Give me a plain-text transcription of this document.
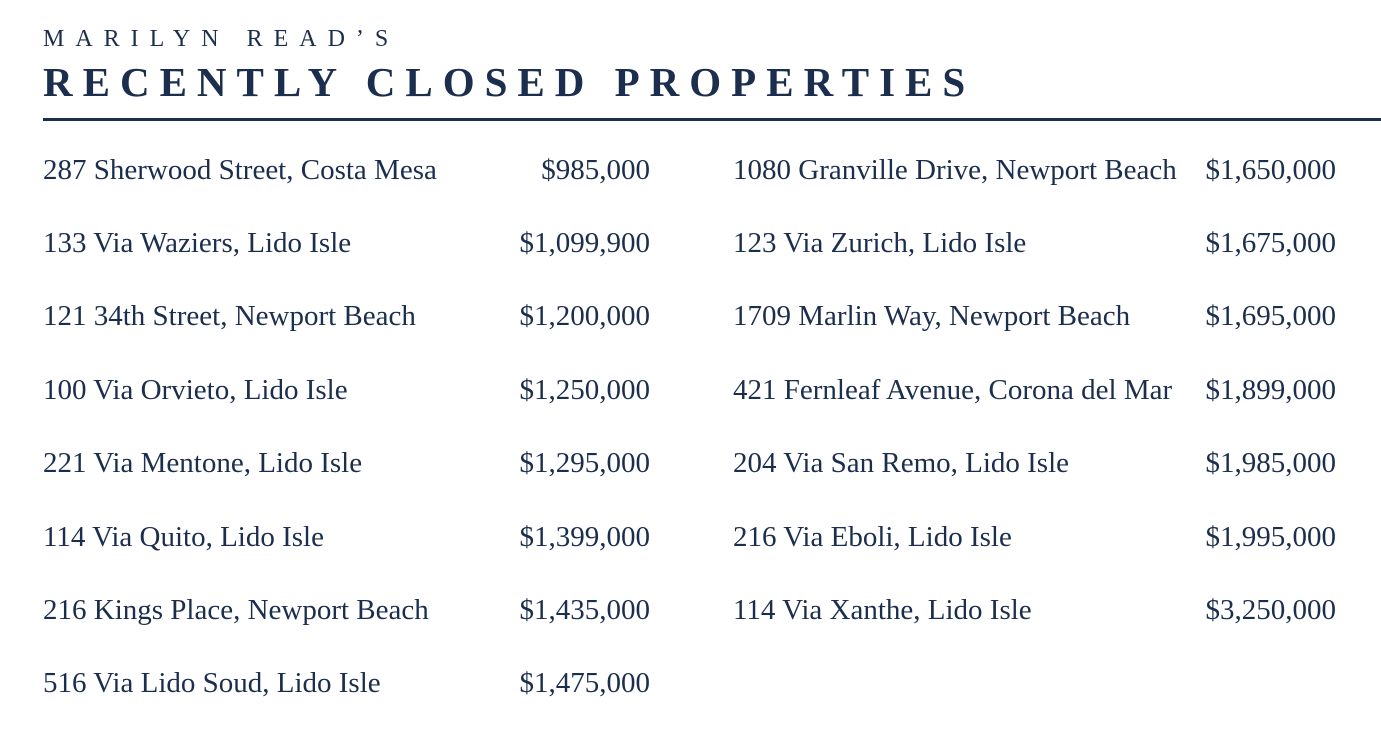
MARILYN READ’S
RECENTLY CLOSED PROPERTIES
287 Sherwood Street, Costa Mesa	$985,000
133 Via Waziers, Lido Isle	$1,099,900
121 34th Street, Newport Beach	$1,200,000
100 Via Orvieto, Lido Isle	$1,250,000
221 Via Mentone, Lido Isle	$1,295,000
114 Via Quito, Lido Isle	$1,399,000
216 Kings Place, Newport Beach	$1,435,000
516 Via Lido Soud, Lido Isle	$1,475,000
1080 Granville Drive, Newport Beach $1,650,000
123 Via Zurich, Lido Isle	$1,675,000
1709 Marlin Way, Newport Beach	$1,695,000
421 Fernleaf Avenue, Corona del Mar $1,899,000
204 Via San Remo, Lido Isle	$1,985,000
216 Via Eboli, Lido Isle	$1,995,000
114 Via Xanthe, Lido Isle	$3,250,000
